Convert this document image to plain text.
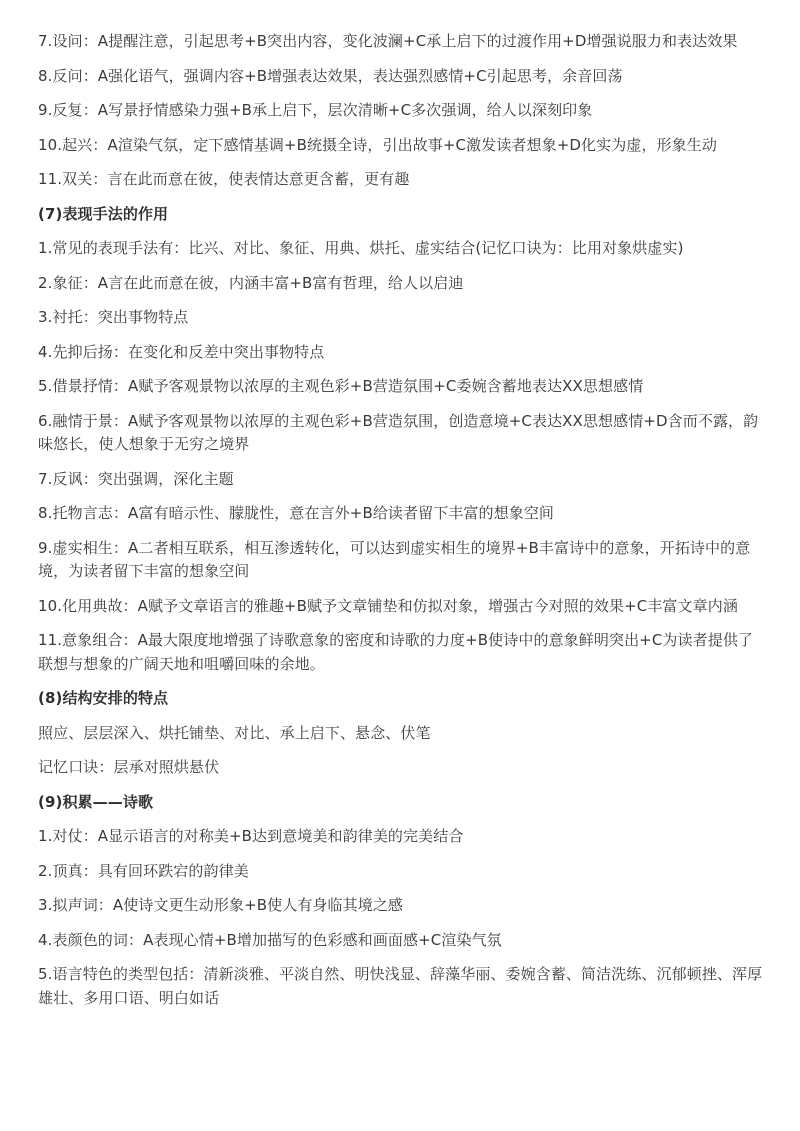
7.设问：A提醒注意，引起思考+B突出内容，变化波澜+C承上启下的过渡作用+D增强说服力和表达效果

8.反问：A强化语气，强调内容+B增强表达效果，表达强烈感情+C引起思考，余音回荡

9.反复：A写景抒情感染力强+B承上启下，层次清晰+C多次强调，给人以深刻印象

10.起兴：A渲染气氛，定下感情基调+B统摄全诗，引出故事+C激发读者想象+D化实为虚，形象生动

11.双关：言在此而意在彼，使表情达意更含蓄，更有趣

(7)表现手法的作用

1.常见的表现手法有：比兴、对比、象征、用典、烘托、虚实结合(记忆口诀为：比用对象烘虚实)

2.象征：A言在此而意在彼，内涵丰富+B富有哲理，给人以启迪

3.衬托：突出事物特点

4.先抑后扬：在变化和反差中突出事物特点

5.借景抒情：A赋予客观景物以浓厚的主观色彩+B营造氛围+C委婉含蓄地表达XX思想感情

6.融情于景：A赋予客观景物以浓厚的主观色彩+B营造氛围，创造意境+C表达XX思想感情+D含而不露，韵味悠长，使人想象于无穷之境界

7.反讽：突出强调，深化主题

8.托物言志：A富有暗示性、朦胧性，意在言外+B给读者留下丰富的想象空间

9.虚实相生：A二者相互联系，相互渗透转化，可以达到虚实相生的境界+B丰富诗中的意象，开拓诗中的意境，为读者留下丰富的想象空间

10.化用典故：A赋予文章语言的雅趣+B赋予文章铺垫和仿拟对象，增强古今对照的效果+C丰富文章内涵

11.意象组合：A最大限度地增强了诗歌意象的密度和诗歌的力度+B使诗中的意象鲜明突出+C为读者提供了联想与想象的广阔天地和咀嚼回味的余地。

(8)结构安排的特点

照应、层层深入、烘托铺垫、对比、承上启下、悬念、伏笔

记忆口诀：层承对照烘悬伏

(9)积累——诗歌

1.对仗：A显示语言的对称美+B达到意境美和韵律美的完美结合

2.顶真：具有回环跌宕的韵律美

3.拟声词：A使诗文更生动形象+B使人有身临其境之感

4.表颜色的词：A表现心情+B增加描写的色彩感和画面感+C渲染气氛

5.语言特色的类型包括：清新淡雅、平淡自然、明快浅显、辞藻华丽、委婉含蓄、简洁洗练、沉郁顿挫、浑厚雄壮、多用口语、明白如话
